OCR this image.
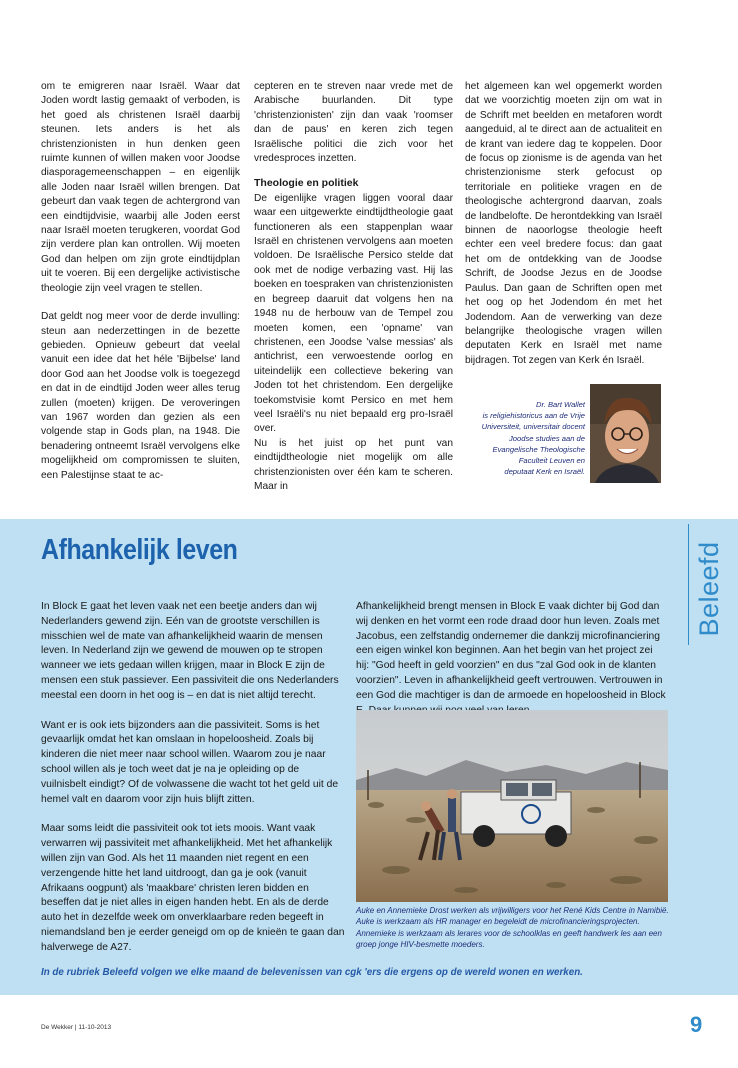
om te emigreren naar Israël. Waar dat Joden wordt lastig gemaakt of verboden, is het goed als christenen Israël daarbij steunen. Iets anders is het als christenzionisten in hun denken geen ruimte kunnen of willen maken voor Joodse diasporagemeenschappen – en eigenlijk alle Joden naar Israël willen brengen. Dat gebeurt dan vaak tegen de achtergrond van een eindtijdvisie, waarbij alle Joden eerst naar Israël moeten terugkeren, voordat God zijn verdere plan kan ontrollen. Wij moeten God dan helpen om zijn grote eindtijdplan uit te voeren. Bij een dergelijke activistische theologie zijn veel vragen te stellen.

Dat geldt nog meer voor de derde invulling: steun aan nederzettingen in de bezette gebieden. Opnieuw gebeurt dat veelal vanuit een idee dat het héle 'Bijbelse' land door God aan het Joodse volk is toegezegd en dat in de eindtijd Joden weer alles terug zullen (moeten) krijgen. De veroveringen van 1967 worden dan gezien als een volgende stap in Gods plan, na 1948. Die benadering ontneemt Israël vervolgens elke mogelijkheid om compromissen te sluiten, een Palestijnse staat te ac-

cepteren en te streven naar vrede met de Arabische buurlanden. Dit type 'christenzionisten' zijn dan vaak 'roomser dan de paus' en keren zich tegen Israëlische politici die zich voor het vredesproces inzetten.

Theologie en politiek

De eigenlijke vragen liggen vooral daar waar een uitgewerkte eindtijdtheologie gaat functioneren als een stappenplan waar Israël en christenen vervolgens aan moeten voldoen. De Israëlische Persico stelde dat ook met de nodige verbazing vast. Hij las boeken en toespraken van christenzionisten en begreep daaruit dat volgens hen na 1948 nu de herbouw van de Tempel zou moeten komen, een 'opname' van christenen, een Joodse 'valse messias' als antichrist, een verwoestende oorlog en uiteindelijk een collectieve bekering van Joden tot het christendom. Een dergelijke toekomstvisie komt Persico en met hem veel Israëli's nu niet bepaald erg pro-Israël over.

Nu is het juist op het punt van eindtijdtheologie niet mogelijk om alle christenzionisten over één kam te scheren. Maar in

het algemeen kan wel opgemerkt worden dat we voorzichtig moeten zijn om wat in de Schrift met beelden en metaforen wordt aangeduid, al te direct aan de actualiteit en de krant van iedere dag te koppelen. Door de focus op zionisme is de agenda van het christenzionisme sterk gefocust op territoriale en politieke vragen en de theologische achtergrond daarvan, zoals de landbelofte. De herontdekking van Israël binnen de naoorlogse theologie heeft echter een veel bredere focus: dan gaat het om de ontdekking van de Joodse Schrift, de Joodse Jezus en de Joodse Paulus. Dan gaan de Schriften open met het oog op het Jodendom én met het Jodendom. Aan de verwerking van deze belangrijke theologische vragen willen deputaten Kerk en Israël met name bijdragen. Tot zegen van Kerk én Israël.

Dr. Bart Wallet
is religiehistoricus aan de Vrije
Universiteit, universitair docent
Joodse studies aan de
Evangelische Theologische
Faculteit Leuven en
deputaat Kerk en Israël.
Beleefd
Afhankelijk leven

In Block E gaat het leven vaak net een beetje anders dan wij Nederlanders gewend zijn. Eén van de grootste verschillen is misschien wel de mate van afhankelijkheid waarin de mensen leven. In Nederland zijn we gewend de mouwen op te stropen wanneer we iets gedaan willen krijgen, maar in Block E zijn de mensen een stuk passiever. Een passiviteit die ons Nederlanders meestal een doorn in het oog is – en dat is niet altijd terecht.

Want er is ook iets bijzonders aan die passiviteit. Soms is het gevaarlijk omdat het kan omslaan in hopeloosheid. Zoals bij kinderen die niet meer naar school willen. Waarom zou je naar school willen als je toch weet dat je na je opleiding op de vuilnisbelt eindigt? Of de volwassene die wacht tot het geld uit de hemel valt en daarom voor zijn huis blijft zitten.

Maar soms leidt die passiviteit ook tot iets moois. Want vaak verwarren wij passiviteit met afhankelijkheid. Met het afhankelijk willen zijn van God. Als het 11 maanden niet regent en een verzengende hitte het land uitdroogt, dan ga je ook (vanuit Afrikaans oogpunt) als 'maakbare' christen leren bidden en beseffen dat je niet alles in eigen handen hebt. En als de derde auto het in dezelfde week om onverklaarbare reden begeeft in niemandsland ben je eerder geneigd om op de knieën te gaan dan halverwege de A27.

Afhankelijkheid brengt mensen in Block E vaak dichter bij God dan wij denken en het vormt een rode draad door hun leven. Zoals met Jacobus, een zelfstandig ondernemer die dankzij microfinanciering een eigen winkel kon beginnen. Aan het begin van het project zei hij: "God heeft in geld voorzien" en dus "zal God ook in de klanten voorzien". Leven in afhankelijkheid geeft vertrouwen. Vertrouwen in een God die machtiger is dan de armoede en hopeloosheid in Block

Auke en Annemieke Drost werken als vrijwilligers voor het René Kids Centre in Namibië. Auke is werkzaam als HR manager en begeleidt de microfinancieringsprojecten. Annemieke is werkzaam als lerares voor de schoolklas en geeft handwerk les aan een groep jonge HIV-besmette moeders.
In de rubriek Beleefd volgen we elke maand de belevenissen van cgk 'ers die ergens op de wereld wonen en werken.
De Wekker | 11-10-2013	9
